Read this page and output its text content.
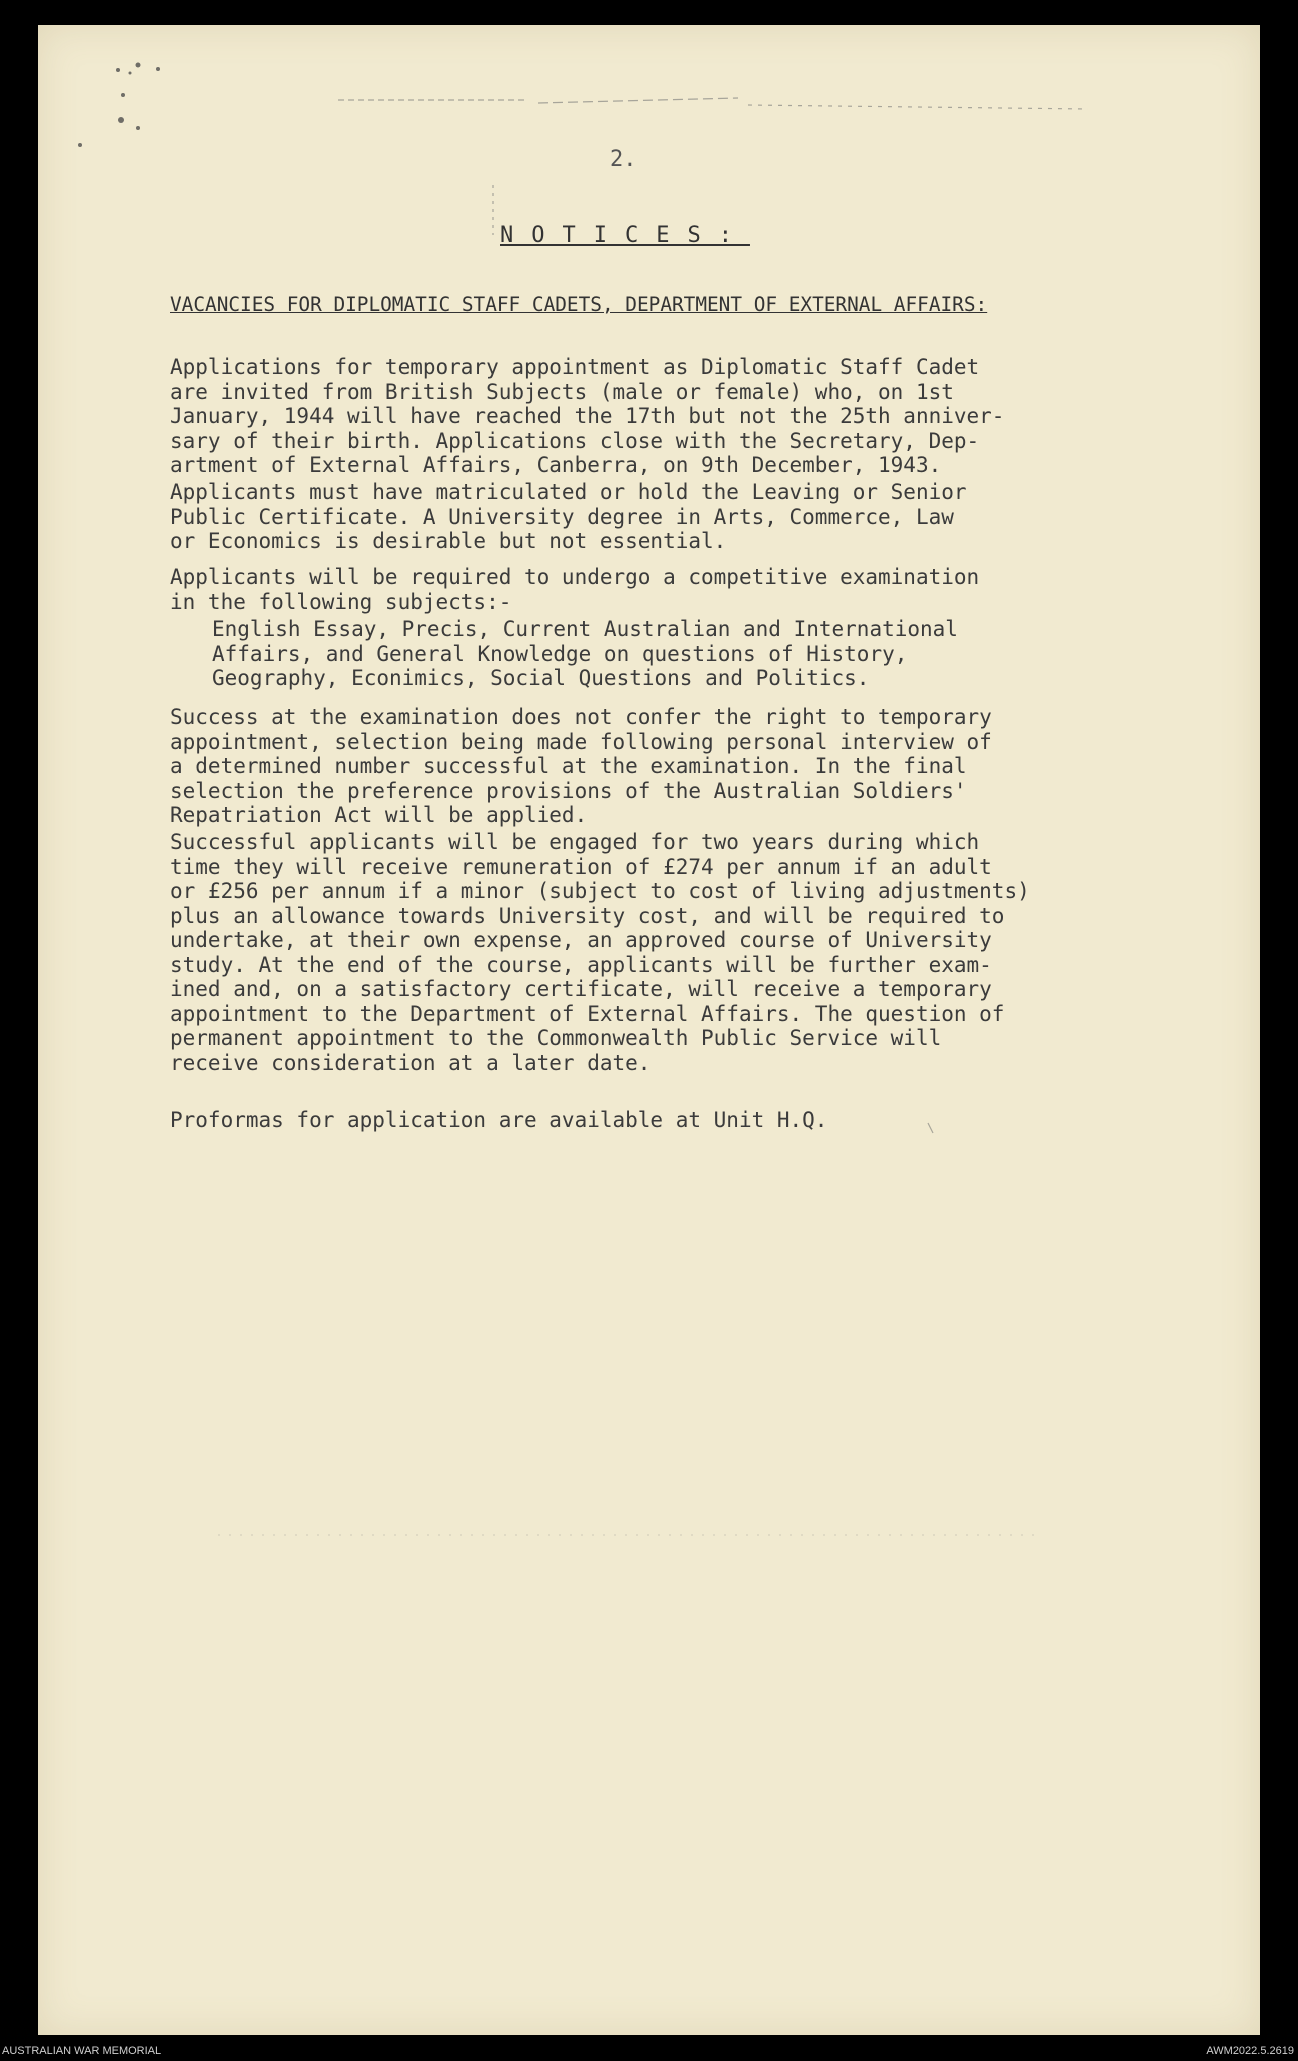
2.
NOTICES:
VACANCIES FOR DIPLOMATIC STAFF CADETS, DEPARTMENT OF EXTERNAL AFFAIRS:
Applications for temporary appointment as Diplomatic Staff Cadet
are invited from British Subjects (male or female) who, on 1st
January, 1944 will have reached the 17th but not the 25th anniver-
sary of their birth. Applications close with the Secretary, Dep-
artment of External Affairs, Canberra, on 9th December, 1943.
Applicants must have matriculated or hold the Leaving or Senior
Public Certificate. A University degree in Arts, Commerce, Law
or Economics is desirable but not essential.
Applicants will be required to undergo a competitive examination
in the following subjects:-
English Essay, Precis, Current Australian and International
Affairs, and General Knowledge on questions of History,
Geography, Econimics, Social Questions and Politics.
Success at the examination does not confer the right to temporary
appointment, selection being made following personal interview of
a determined number successful at the examination. In the final
selection the preference provisions of the Australian Soldiers'
Repatriation Act will be applied.
Successful applicants will be engaged for two years during which
time they will receive remuneration of £274 per annum if an adult
or £256 per annum if a minor (subject to cost of living adjustments)
plus an allowance towards University cost, and will be required to
undertake, at their own expense, an approved course of University
study. At the end of the course, applicants will be further exam-
ined and, on a satisfactory certificate, will receive a temporary
appointment to the Department of External Affairs. The question of
permanent appointment to the Commonwealth Public Service will
receive consideration at a later date.
Proformas for application are available at Unit H.Q.
AUSTRALIAN WAR MEMORIAL	AWM2022.5.2619
